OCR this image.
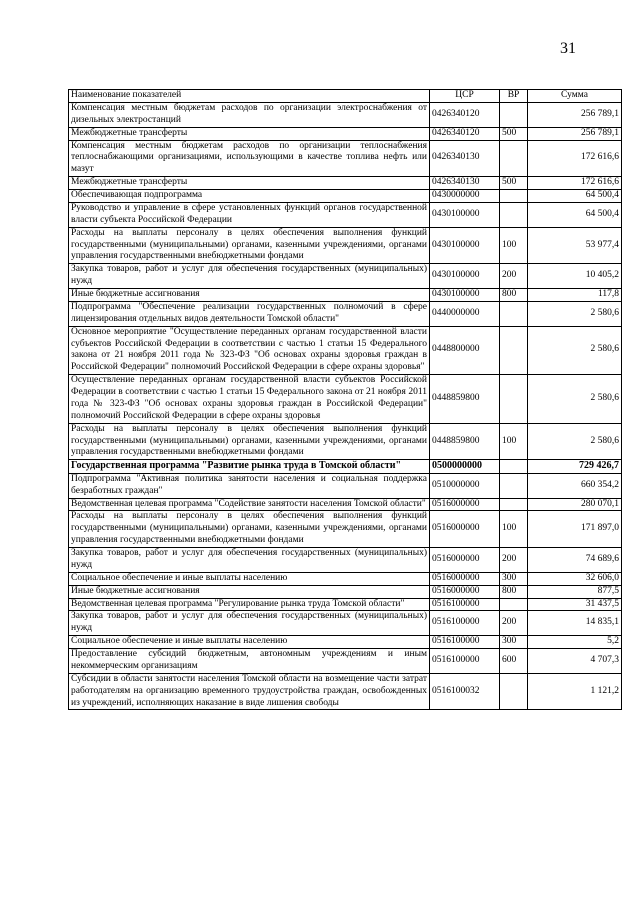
31
Наименование показателей	ЦСР	ВР	Сумма
Компенсация местным бюджетам расходов по организации электроснабжения от дизельных электростанций	0426340120		256 789,1
Межбюджетные трансферты	0426340120	500	256 789,1
Компенсация местным бюджетам расходов по организации теплоснабжения теплоснабжающими организациями, использующими в качестве топлива нефть или мазут	0426340130		172 616,6
Межбюджетные трансферты	0426340130	500	172 616,6
Обеспечивающая подпрограмма	0430000000		64 500,4
Руководство и управление в сфере установленных функций органов государственной власти субъекта Российской Федерации	0430100000		64 500,4
Расходы на выплаты персоналу в целях обеспечения выполнения функций государственными (муниципальными) органами, казенными учреждениями, органами управления государственными внебюджетными фондами	0430100000	100	53 977,4
Закупка товаров, работ и услуг для обеспечения государственных (муниципальных) нужд	0430100000	200	10 405,2
Иные бюджетные ассигнования	0430100000	800	117,8
Подпрограмма "Обеспечение реализации государственных полномочий в сфере лицензирования отдельных видов деятельности Томской области"	0440000000		2 580,6
Основное мероприятие "Осуществление переданных органам государственной власти субъектов Российской Федерации в соответствии с частью 1 статьи 15 Федерального закона от 21 ноября 2011 года № 323-ФЗ "Об основах охраны здоровья граждан в Российской Федерации" полномочий Российской Федерации в сфере охраны здоровья"	0448800000		2 580,6
Осуществление переданных органам государственной власти субъектов Российской Федерации в соответствии с частью 1 статьи 15 Федерального закона от 21 ноября 2011 года № 323-ФЗ "Об основах охраны здоровья граждан в Российской Федерации" полномочий Российской Федерации в сфере охраны здоровья	0448859800		2 580,6
Расходы на выплаты персоналу в целях обеспечения выполнения функций государственными (муниципальными) органами, казенными учреждениями, органами управления государственными внебюджетными фондами	0448859800	100	2 580,6
Государственная программа "Развитие рынка труда в Томской области"	0500000000		729 426,7
Подпрограмма "Активная политика занятости населения и социальная поддержка безработных граждан"	0510000000		660 354,2
Ведомственная целевая программа "Содействие занятости населения Томской области"	0516000000		280 070,1
Расходы на выплаты персоналу в целях обеспечения выполнения функций государственными (муниципальными) органами, казенными учреждениями, органами управления государственными внебюджетными фондами	0516000000	100	171 897,0
Закупка товаров, работ и услуг для обеспечения государственных (муниципальных) нужд	0516000000	200	74 689,6
Социальное обеспечение и иные выплаты населению	0516000000	300	32 606,0
Иные бюджетные ассигнования	0516000000	800	877,5
Ведомственная целевая программа "Регулирование рынка труда Томской области"	0516100000		31 437,5
Закупка товаров, работ и услуг для обеспечения государственных (муниципальных) нужд	0516100000	200	14 835,1
Социальное обеспечение и иные выплаты населению	0516100000	300	5,2
Предоставление субсидий бюджетным, автономным учреждениям и иным некоммерческим организациям	0516100000	600	4 707,3
Субсидии в области занятости населения Томской области на возмещение части затрат работодателям на организацию временного трудоустройства граждан, освобожденных из учреждений, исполняющих наказание в виде лишения свободы	0516100032		1 121,2
